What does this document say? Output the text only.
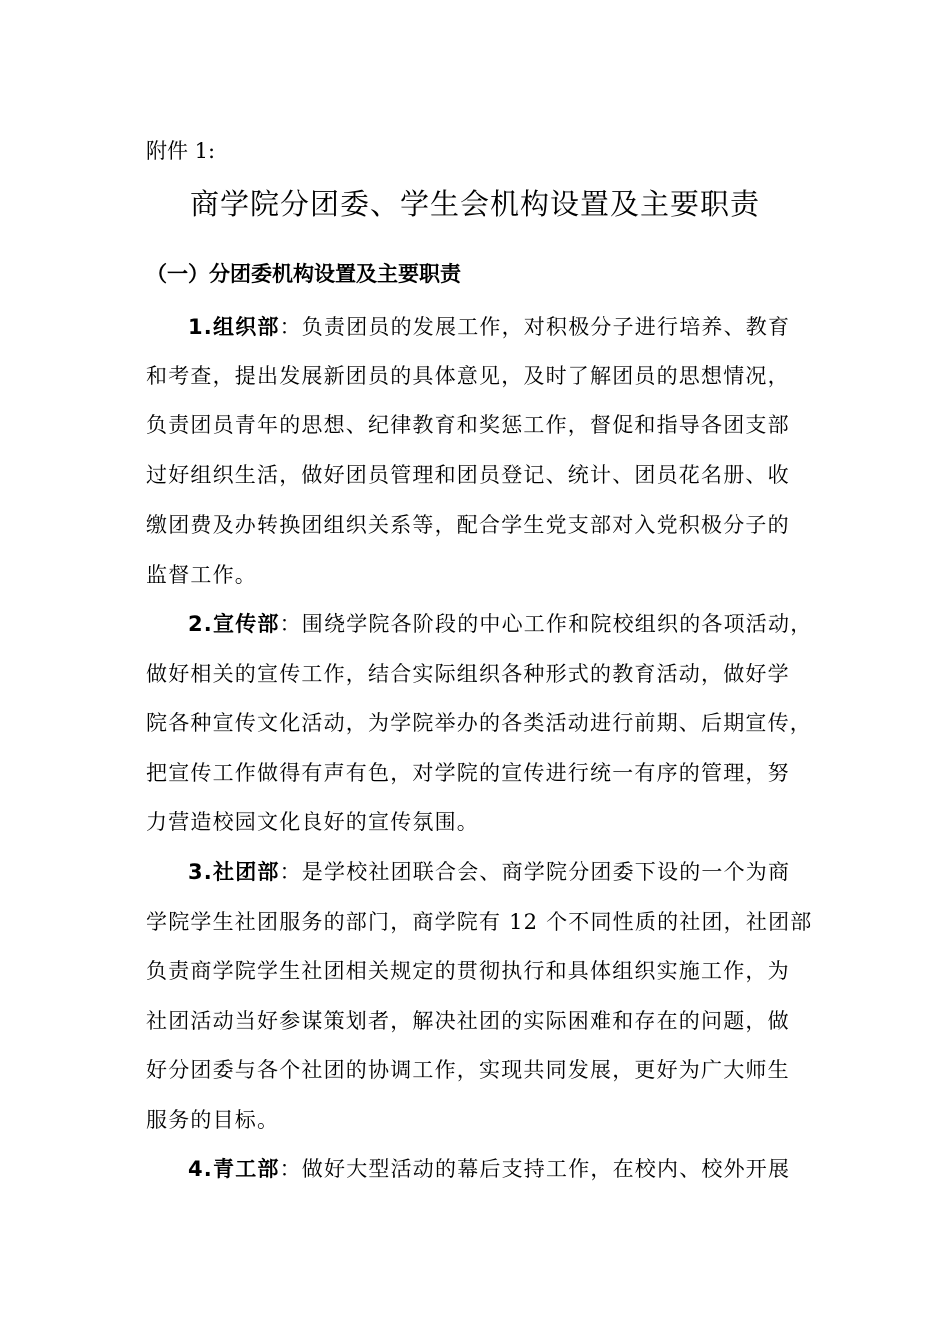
附件 1:
商学院分团委、学生会机构设置及主要职责
（一）分团委机构设置及主要职责
1.组织部：负责团员的发展工作，对积极分子进行培养、教育
和考查，提出发展新团员的具体意见，及时了解团员的思想情况，
负责团员青年的思想、纪律教育和奖惩工作，督促和指导各团支部
过好组织生活，做好团员管理和团员登记、统计、团员花名册、收
缴团费及办转换团组织关系等，配合学生党支部对入党积极分子的
监督工作。
2.宣传部：围绕学院各阶段的中心工作和院校组织的各项活动，
做好相关的宣传工作，结合实际组织各种形式的教育活动，做好学
院各种宣传文化活动，为学院举办的各类活动进行前期、后期宣传，
把宣传工作做得有声有色，对学院的宣传进行统一有序的管理，努
力营造校园文化良好的宣传氛围。
3.社团部：是学校社团联合会、商学院分团委下设的一个为商
学院学生社团服务的部门，商学院有 12 个不同性质的社团，社团部
负责商学院学生社团相关规定的贯彻执行和具体组织实施工作，为
社团活动当好参谋策划者，解决社团的实际困难和存在的问题，做
好分团委与各个社团的协调工作，实现共同发展，更好为广大师生
服务的目标。
4.青工部：做好大型活动的幕后支持工作，在校内、校外开展
